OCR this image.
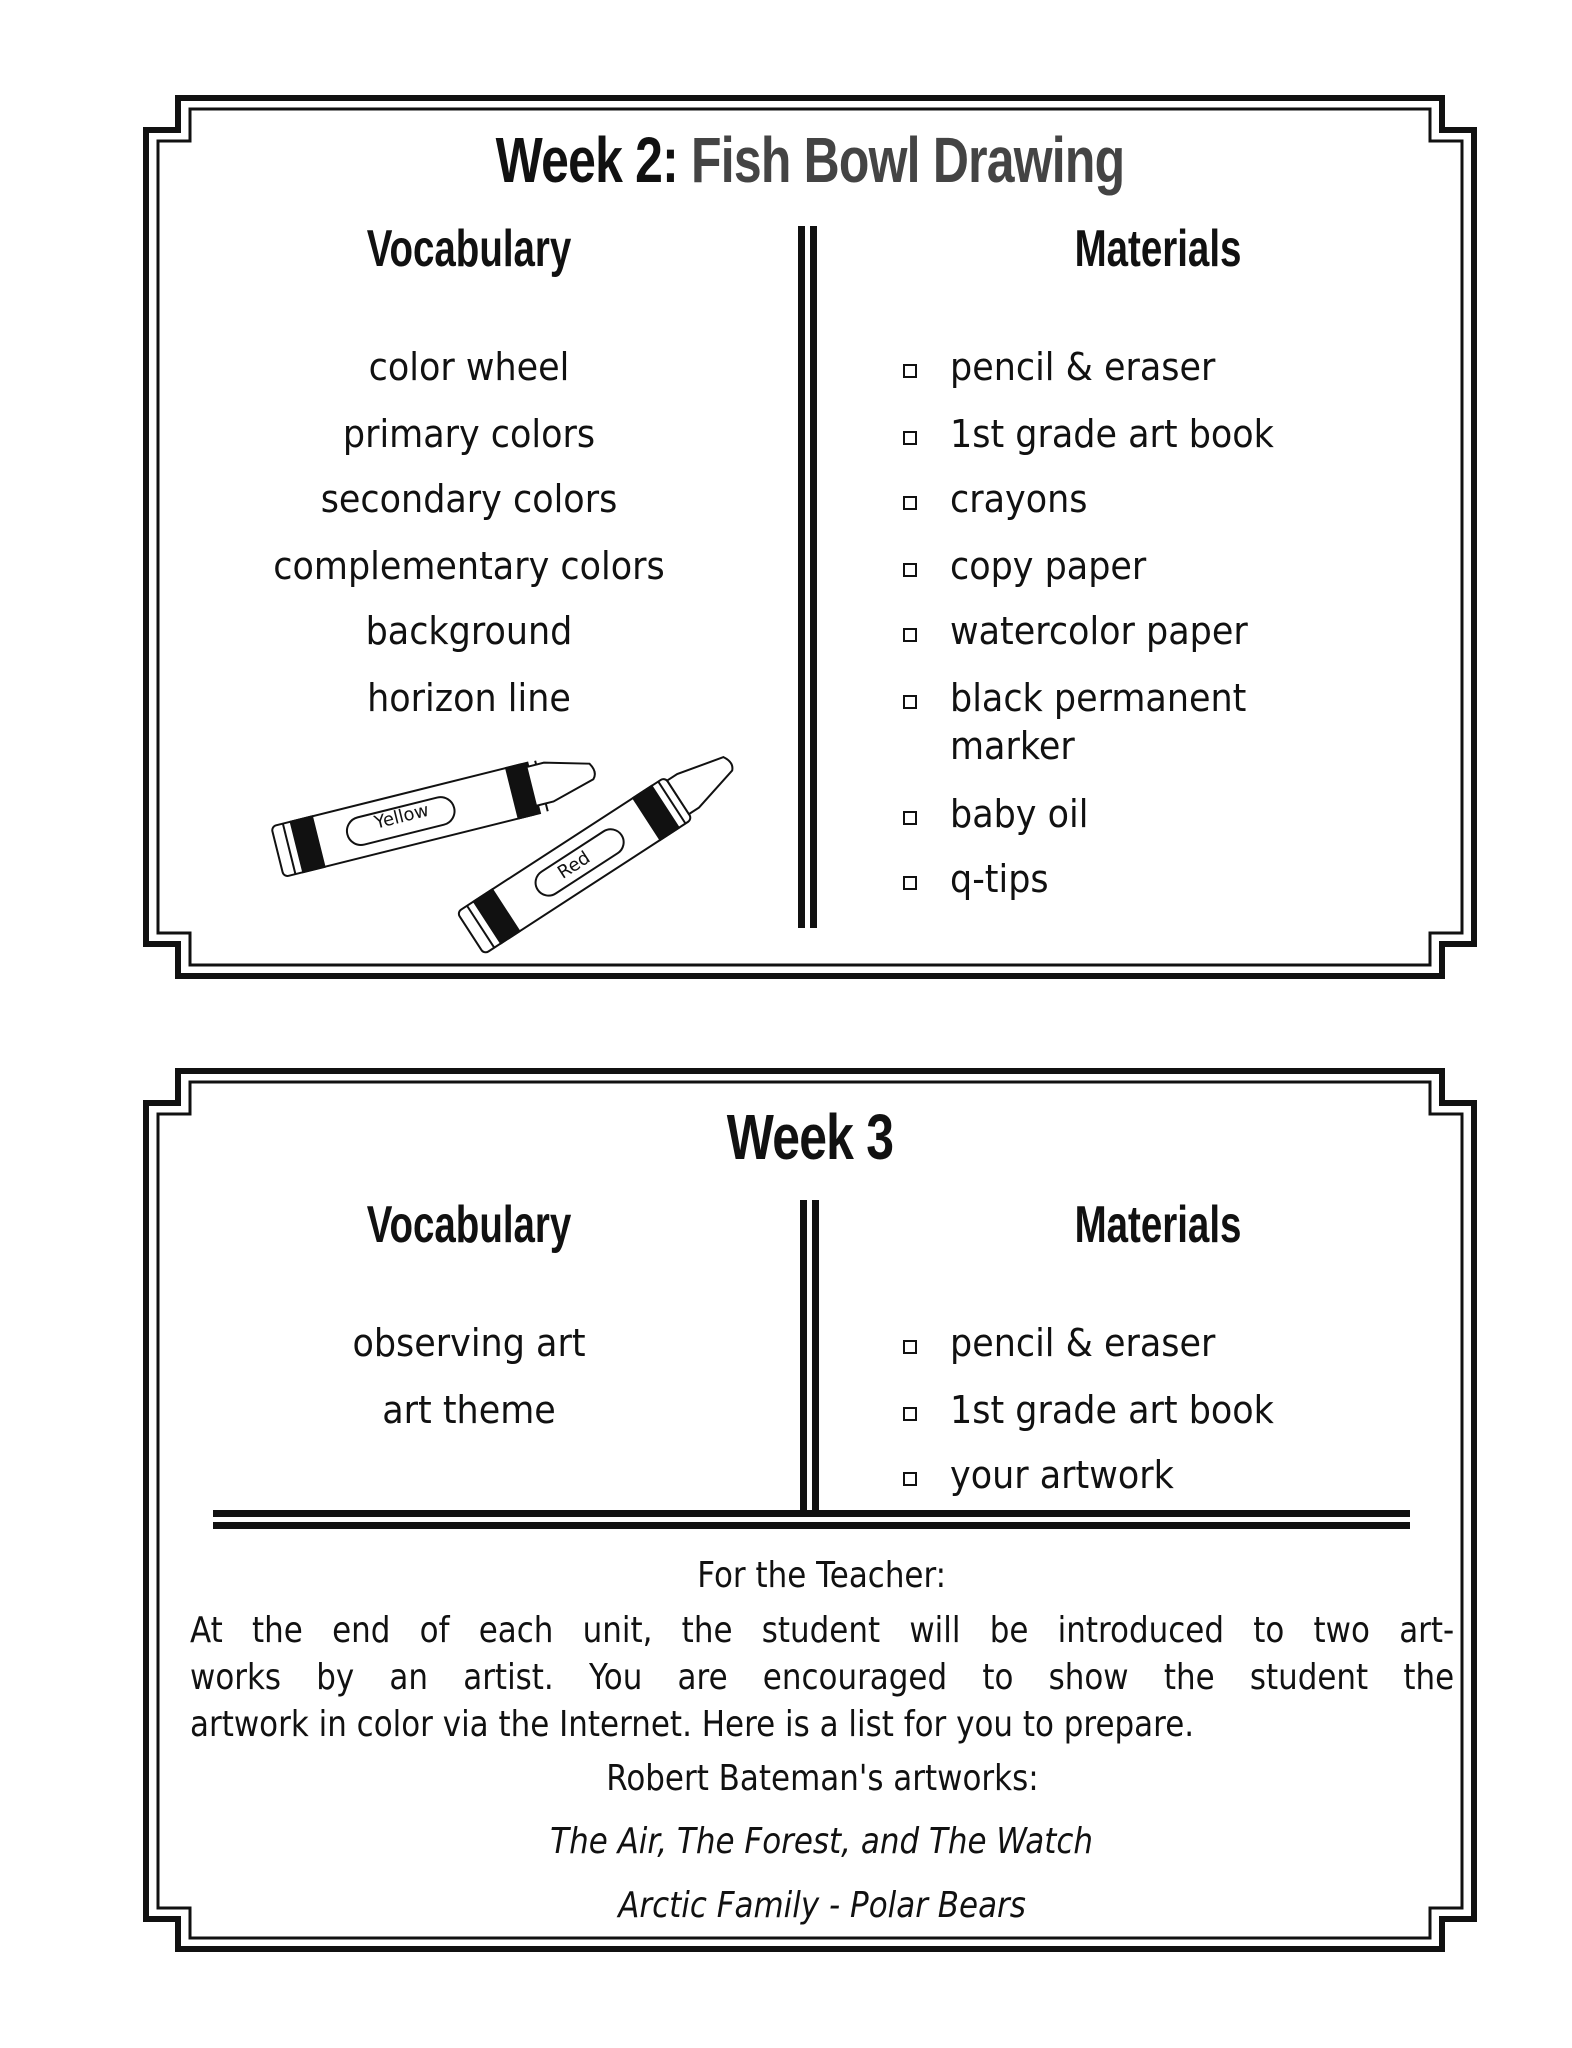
Yellow
Red
Week 2: Fish Bowl Drawing
Vocabulary	Materials
color wheel
primary colors
secondary colors
complementary colors
background
horizon line
pencil & eraser
1st grade art book
crayons
copy paper
watercolor paper
black permanent
marker
baby oil
q-tips
Week 3
Vocabulary	Materials
observing art
art theme
pencil & eraser
1st grade art book
your artwork
For the Teacher:
At the end of each unit, the student will be introduced to two art-
works by an artist. You are encouraged to show the student the
artwork in color via the Internet. Here is a list for you to prepare.
Robert Bateman's artworks:
The Air, The Forest, and The Watch
Arctic Family - Polar Bears
